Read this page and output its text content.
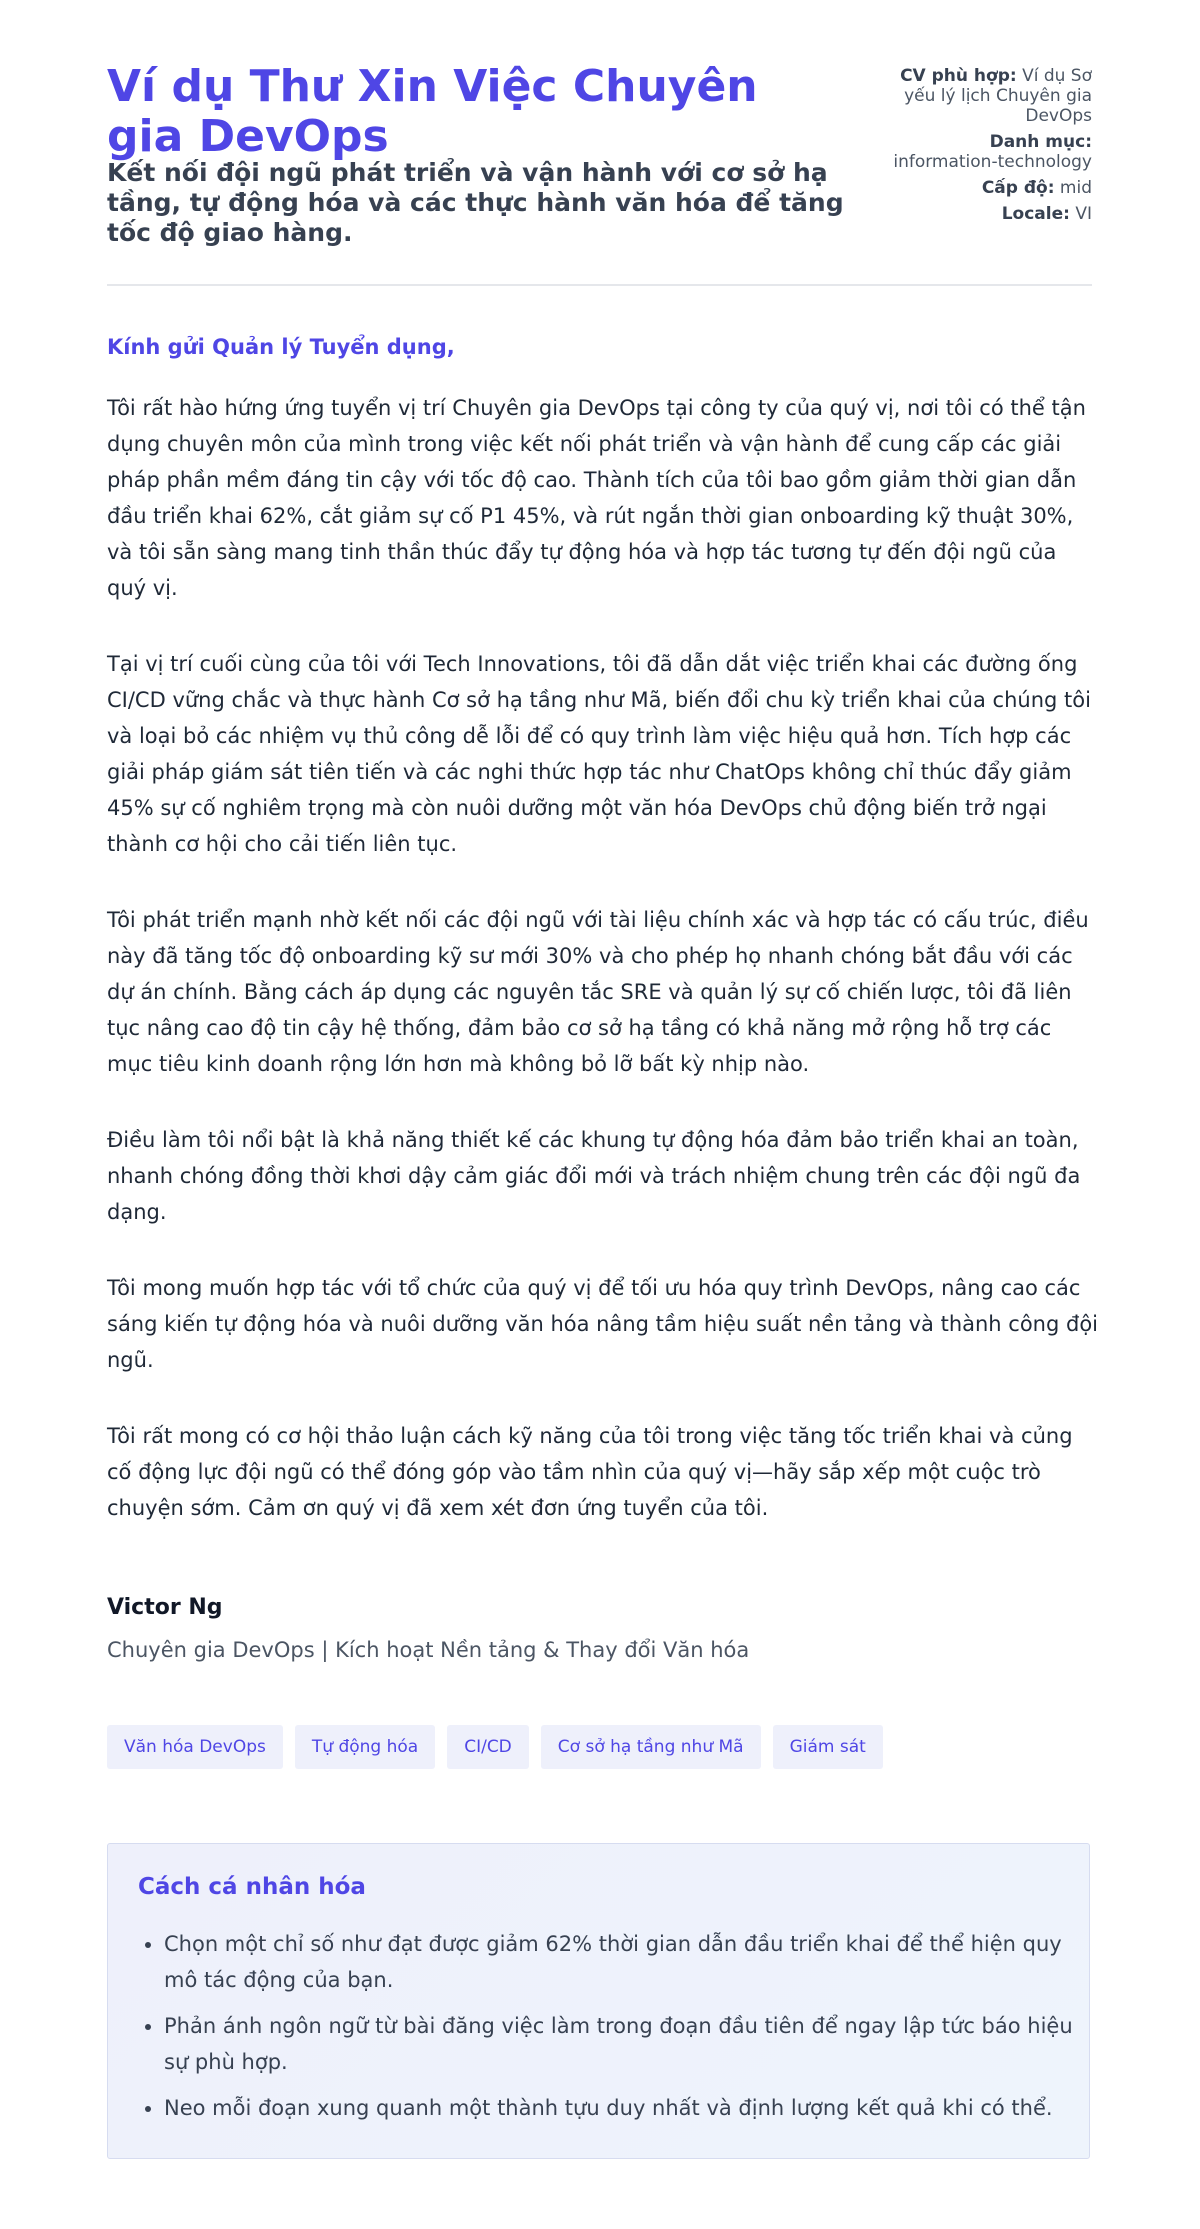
Ví dụ Thư Xin Việc Chuyên gia DevOps
Kết nối đội ngũ phát triển và vận hành với cơ sở hạ tầng, tự động hóa và các thực hành văn hóa để tăng tốc độ giao hàng.
CV phù hợp: Ví dụ Sơ yếu lý lịch Chuyên gia DevOps
Danh mục:
information-technology
Cấp độ: mid
Locale: VI
Kính gửi Quản lý Tuyển dụng,

Tôi rất hào hứng ứng tuyển vị trí Chuyên gia DevOps tại công ty của quý vị, nơi tôi có thể tận dụng chuyên môn của mình trong việc kết nối phát triển và vận hành để cung cấp các giải pháp phần mềm đáng tin cậy với tốc độ cao. Thành tích của tôi bao gồm giảm thời gian dẫn đầu triển khai 62%, cắt giảm sự cố P1 45%, và rút ngắn thời gian onboarding kỹ thuật 30%, và tôi sẵn sàng mang tinh thần thúc đẩy tự động hóa và hợp tác tương tự đến đội ngũ của quý vị.

Tại vị trí cuối cùng của tôi với Tech Innovations, tôi đã dẫn dắt việc triển khai các đường ống CI/CD vững chắc và thực hành Cơ sở hạ tầng như Mã, biến đổi chu kỳ triển khai của chúng tôi và loại bỏ các nhiệm vụ thủ công dễ lỗi để có quy trình làm việc hiệu quả hơn. Tích hợp các giải pháp giám sát tiên tiến và các nghi thức hợp tác như ChatOps không chỉ thúc đẩy giảm 45% sự cố nghiêm trọng mà còn nuôi dưỡng một văn hóa DevOps chủ động biến trở ngại thành cơ hội cho cải tiến liên tục.

Tôi phát triển mạnh nhờ kết nối các đội ngũ với tài liệu chính xác và hợp tác có cấu trúc, điều này đã tăng tốc độ onboarding kỹ sư mới 30% và cho phép họ nhanh chóng bắt đầu với các dự án chính. Bằng cách áp dụng các nguyên tắc SRE và quản lý sự cố chiến lược, tôi đã liên tục nâng cao độ tin cậy hệ thống, đảm bảo cơ sở hạ tầng có khả năng mở rộng hỗ trợ các mục tiêu kinh doanh rộng lớn hơn mà không bỏ lỡ bất kỳ nhịp nào.

Điều làm tôi nổi bật là khả năng thiết kế các khung tự động hóa đảm bảo triển khai an toàn, nhanh chóng đồng thời khơi dậy cảm giác đổi mới và trách nhiệm chung trên các đội ngũ đa dạng.

Tôi mong muốn hợp tác với tổ chức của quý vị để tối ưu hóa quy trình DevOps, nâng cao các sáng kiến tự động hóa và nuôi dưỡng văn hóa nâng tầm hiệu suất nền tảng và thành công đội ngũ.

Tôi rất mong có cơ hội thảo luận cách kỹ năng của tôi trong việc tăng tốc triển khai và củng cố động lực đội ngũ có thể đóng góp vào tầm nhìn của quý vị—hãy sắp xếp một cuộc trò chuyện sớm. Cảm ơn quý vị đã xem xét đơn ứng tuyển của tôi.

Victor Ng
Chuyên gia DevOps | Kích hoạt Nền tảng & Thay đổi Văn hóa
Văn hóa DevOps	Tự động hóa	CI/CD	Cơ sở hạ tầng như Mã	Giám sát
Cách cá nhân hóa
• Chọn một chỉ số như đạt được giảm 62% thời gian dẫn đầu triển khai để thể hiện quy mô tác động của bạn.
• Phản ánh ngôn ngữ từ bài đăng việc làm trong đoạn đầu tiên để ngay lập tức báo hiệu sự phù hợp.
• Neo mỗi đoạn xung quanh một thành tựu duy nhất và định lượng kết quả khi có thể.
